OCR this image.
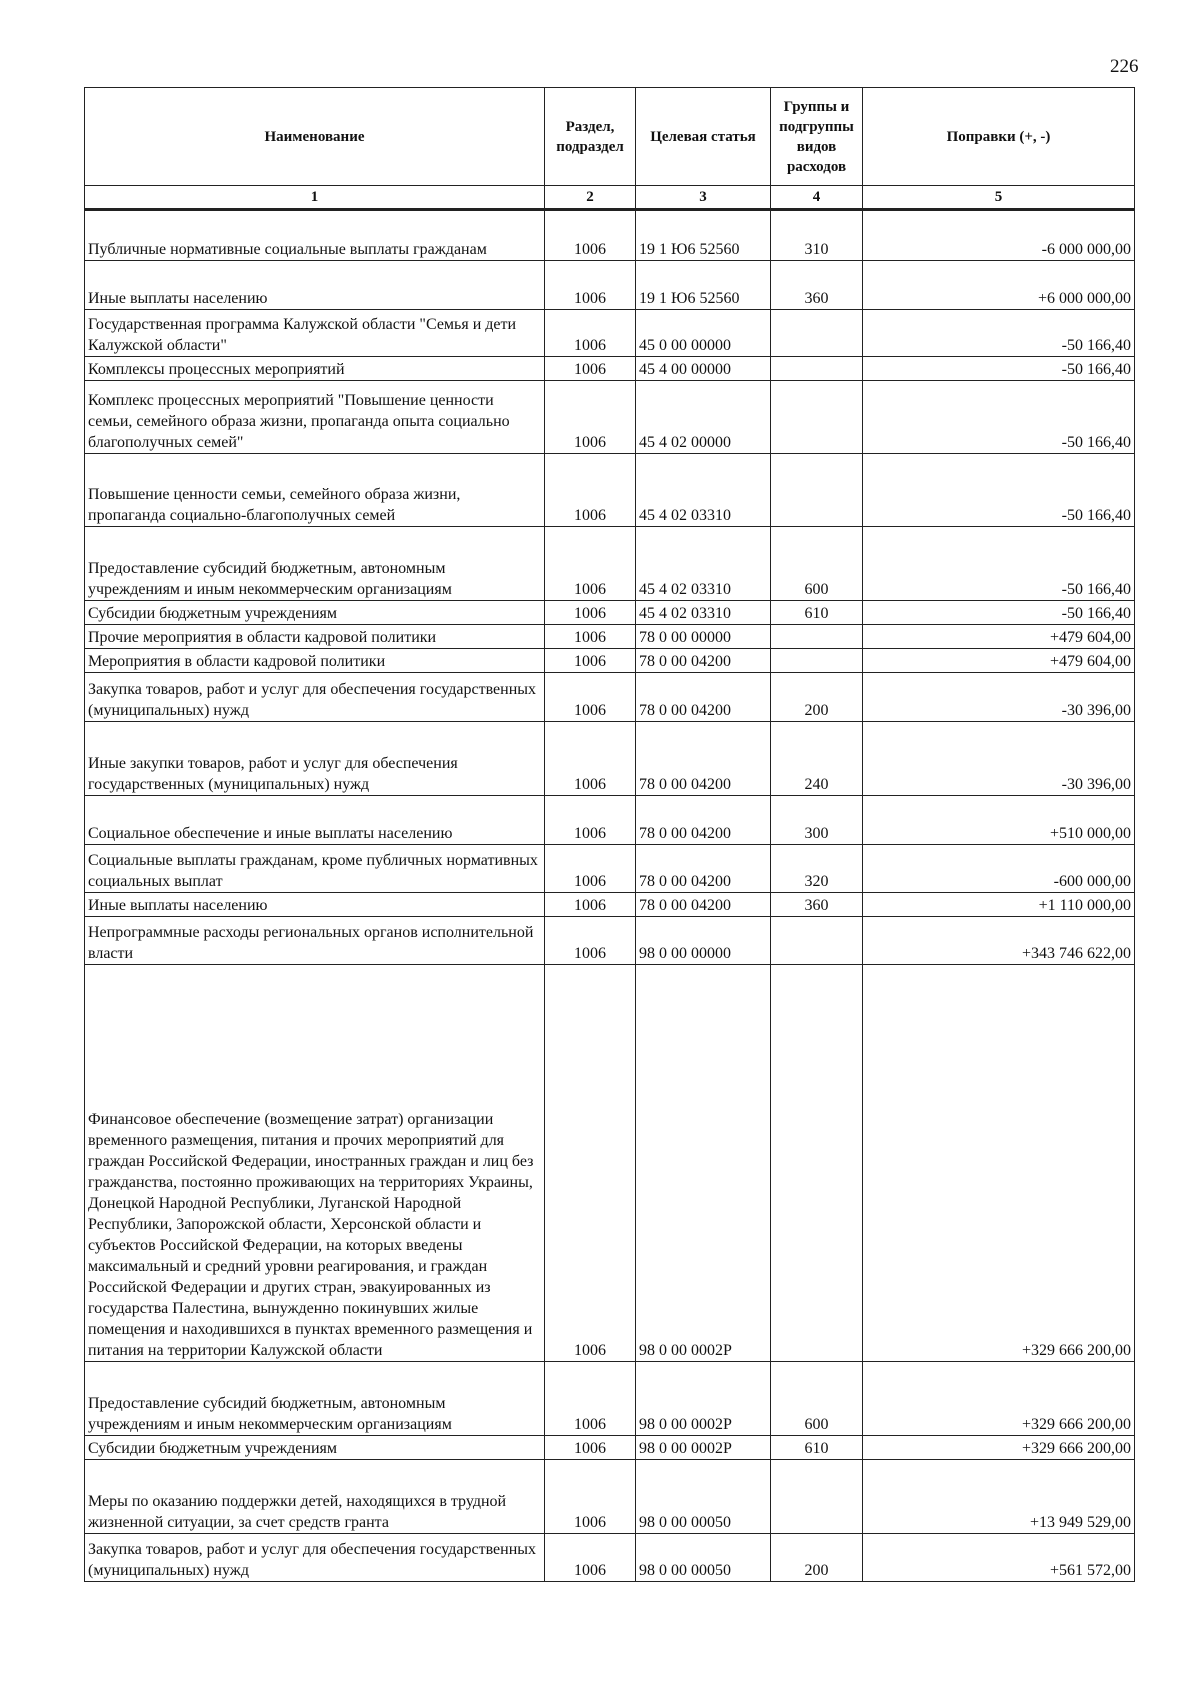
226
Наименование	Раздел, подраздел	Целевая статья	Группы и подгруппы видов расходов	Поправки (+, -)
1	2	3	4	5
Публичные нормативные социальные выплаты гражданам	1006	19 1 Ю6 52560	310	-6 000 000,00
Иные выплаты населению	1006	19 1 Ю6 52560	360	+6 000 000,00
Государственная программа Калужской области "Семья и дети Калужской области"	1006	45 0 00 00000		-50 166,40
Комплексы процессных мероприятий	1006	45 4 00 00000		-50 166,40
Комплекс процессных мероприятий "Повышение ценности семьи, семейного образа жизни, пропаганда опыта социально благополучных семей"	1006	45 4 02 00000		-50 166,40
Повышение ценности семьи, семейного образа жизни, пропаганда социально-благополучных семей	1006	45 4 02 03310		-50 166,40
Предоставление субсидий бюджетным, автономным учреждениям и иным некоммерческим организациям	1006	45 4 02 03310	600	-50 166,40
Субсидии бюджетным учреждениям	1006	45 4 02 03310	610	-50 166,40
Прочие мероприятия в области кадровой политики	1006	78 0 00 00000		+479 604,00
Мероприятия в области кадровой политики	1006	78 0 00 04200		+479 604,00
Закупка товаров, работ и услуг для обеспечения государственных (муниципальных) нужд	1006	78 0 00 04200	200	-30 396,00
Иные закупки товаров, работ и услуг для обеспечения государственных (муниципальных) нужд	1006	78 0 00 04200	240	-30 396,00
Социальное обеспечение и иные выплаты населению	1006	78 0 00 04200	300	+510 000,00
Социальные выплаты гражданам, кроме публичных нормативных социальных выплат	1006	78 0 00 04200	320	-600 000,00
Иные выплаты населению	1006	78 0 00 04200	360	+1 110 000,00
Непрограммные расходы региональных органов исполнительной власти	1006	98 0 00 00000		+343 746 622,00
Финансовое обеспечение (возмещение затрат) организации временного размещения, питания и прочих мероприятий для граждан Российской Федерации, иностранных граждан и лиц без гражданства, постоянно проживающих на территориях Украины, Донецкой Народной Республики, Луганской Народной Республики, Запорожской области, Херсонской области и субъектов Российской Федерации, на которых введены максимальный и средний уровни реагирования, и граждан Российской Федерации и других стран, эвакуированных из государства Палестина, вынужденно покинувших жилые помещения и находившихся в пунктах временного размещения и питания на территории Калужской области	1006	98 0 00 0002Р		+329 666 200,00
Предоставление субсидий бюджетным, автономным учреждениям и иным некоммерческим организациям	1006	98 0 00 0002Р	600	+329 666 200,00
Субсидии бюджетным учреждениям	1006	98 0 00 0002Р	610	+329 666 200,00
Меры по оказанию поддержки детей, находящихся в трудной жизненной ситуации, за счет средств гранта	1006	98 0 00 00050		+13 949 529,00
Закупка товаров, работ и услуг для обеспечения государственных (муниципальных) нужд	1006	98 0 00 00050	200	+561 572,00
